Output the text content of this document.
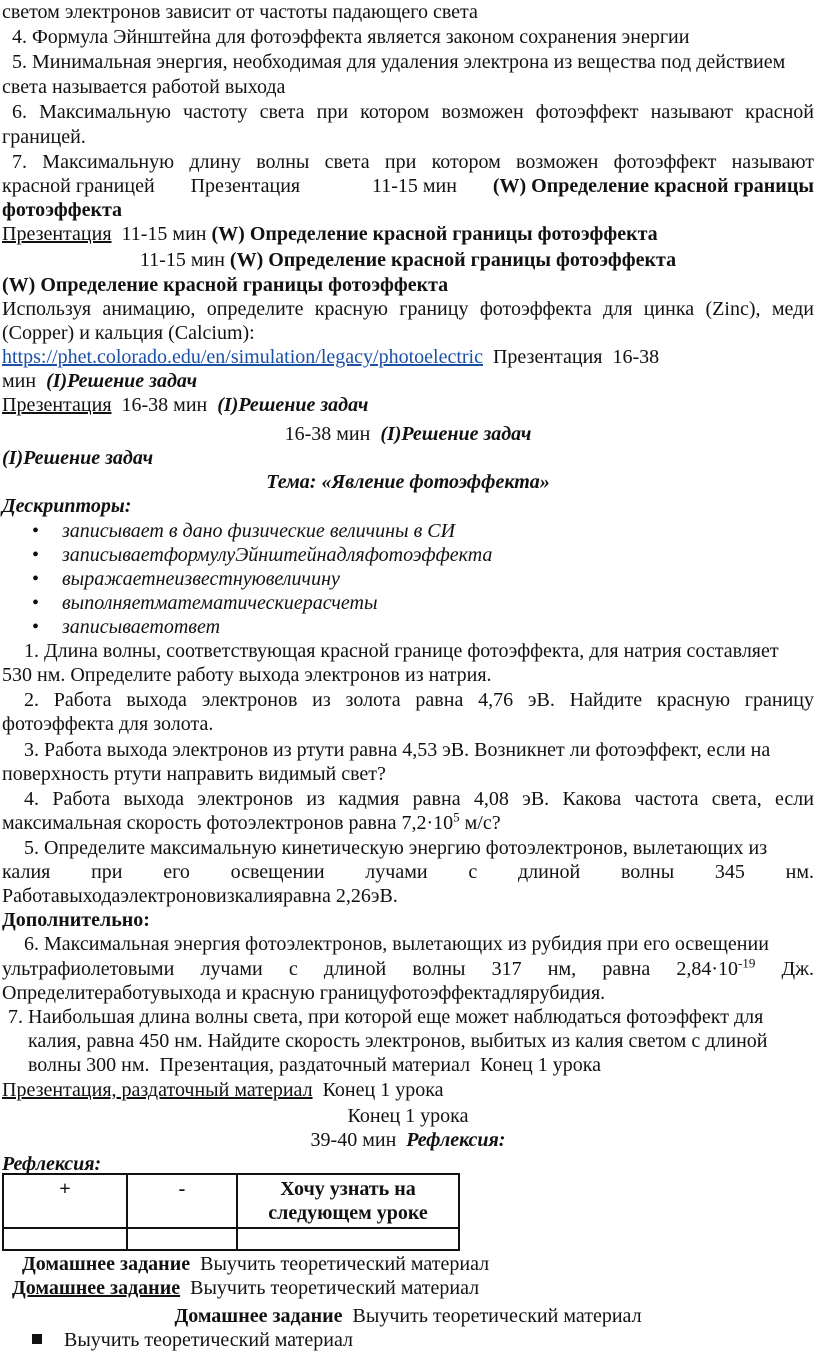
светом электронов зависит от частоты падающего света
4. Формула Эйнштейна для фотоэффекта является законом сохранения энергии
5. Минимальная энергия, необходимая для удаления электрона из вещества под действием
света называется работой выхода
6. Максимальную частоту света при котором возможен фотоэффект называют красной
границей.
7. Максимальную длину волны света при котором возможен фотоэффект называют
красной границей Презентация	11-15 мин (W) Определение красной границы
фотоэффекта
Презентация 11-15 мин (W) Определение красной границы фотоэффекта
11-15 мин (W) Определение красной границы фотоэффекта
(W) Определение красной границы фотоэффекта
Используя анимацию, определите красную границу фотоэффекта для цинка (Zinc), меди
(Copper) и кальция (Calcium):
https://phet.colorado.edu/en/simulation/legacy/photoelectric Презентация 16-38
мин (I)Решение задач
Презентация 16-38 мин (I)Решение задач
16-38 мин (I)Решение задач
(I)Решение задач
Тема: «Явление фотоэффекта»
Дескрипторы:
• записывает в дано физические величины в СИ
• записываетформулуЭйнштейнадляфотоэффекта
• выражаетнеизвестнуювеличину
• выполняетматематическиерасчеты
• записываетответ
1. Длина волны, соответствующая красной границе фотоэффекта, для натрия составляет
530 нм. Определите работу выхода электронов из натрия.
2. Работа выхода электронов из золота равна 4,76 эВ. Найдите красную границу
фотоэффекта для золота.
3. Работа выхода электронов из ртути равна 4,53 эВ. Возникнет ли фотоэффект, если на
поверхность ртути направить видимый свет?
4. Работа выхода электронов из кадмия равна 4,08 эВ. Какова частота света, если
максимальная скорость фотоэлектронов равна $7,2\cdot 10^5$ м/с?
5. Определите максимальную кинетическую энергию фотоэлектронов, вылетающих из
калия при его освещении лучами с длиной волны 345 нм.
Работавыходаэлектроновизкалияравна 2,26эВ.
Дополнительно:
6. Максимальная энергия фотоэлектронов, вылетающих из рубидия при его освещении
ультрафиолетовыми лучами с длиной волны 317 нм, равна $2,84\cdot 10^{-19}$ Дж.
Определитеработувыхода и красную границуфотоэффектадлярубидия.
7. Наибольшая длина волны света, при которой еще может наблюдаться фотоэффект для
калия, равна 450 нм. Найдите скорость электронов, выбитых из калия светом с длиной
волны 300 нм. Презентация, раздаточный материал Конец 1 урока
Презентация, раздаточный материал Конец 1 урока
Конец 1 урока
39-40 мин Рефлексия:
Рефлексия:
+	-	Хочу узнать на следующем уроке

Домашнее задание Выучить теоретический материал
Домашнее задание Выучить теоретический материал
Домашнее задание Выучить теоретический материал
Выучить теоретический материал
